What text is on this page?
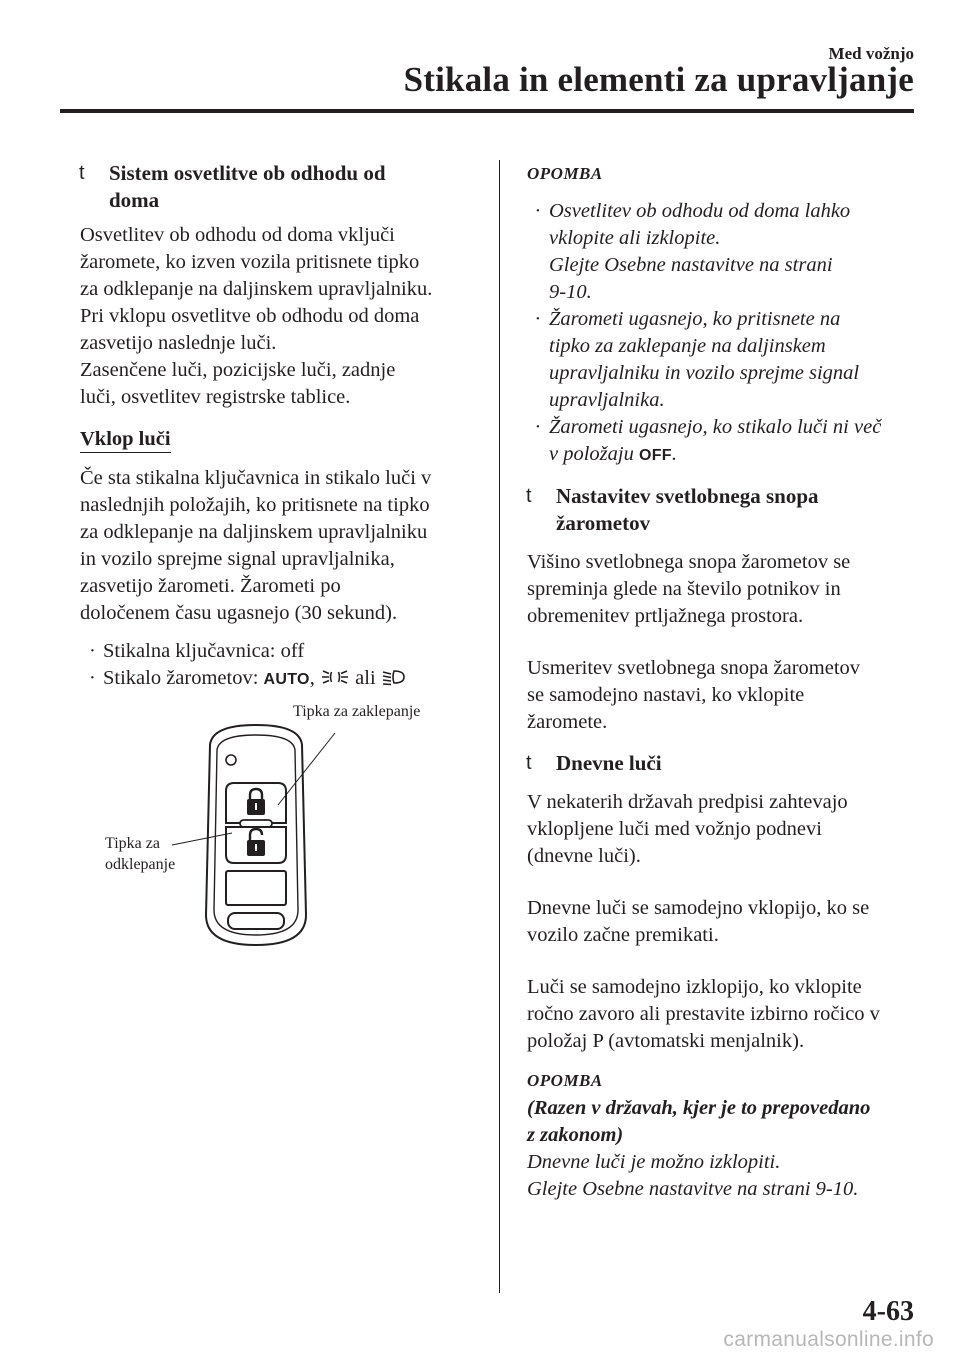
Med vožnjo
Stikala in elementi za upravljanje
t Sistem osvetlitve ob odhodu od
doma
Osvetlitev ob odhodu od doma vključi
žaromete, ko izven vozila pritisnete tipko
za odklepanje na daljinskem upravljalniku.
Pri vklopu osvetlitve ob odhodu od doma
zasvetijo naslednje luči.
Zasenčene luči, pozicijske luči, zadnje
luči, osvetlitev registrske tablice.
Vklop luči
Če sta stikalna ključavnica in stikalo luči v
naslednjih položajih, ko pritisnete na tipko
za odklepanje na daljinskem upravljalniku
in vozilo sprejme signal upravljalnika,
zasvetijo žarometi. Žarometi po
določenem času ugasnejo (30 sekund).
· Stikalna ključavnica: off
· Stikalo žarometov: AUTO,  ali
Tipka za zaklepanje
Tipka za
odklepanje
OPOMBA
· Osvetlitev ob odhodu od doma lahko
vklopite ali izklopite.
Glejte Osebne nastavitve na strani
9-10.
· Žarometi ugasnejo, ko pritisnete na
tipko za zaklepanje na daljinskem
upravljalniku in vozilo sprejme signal
upravljalnika.
· Žarometi ugasnejo, ko stikalo luči ni več
v položaju OFF.
t Nastavitev svetlobnega snopa
žarometov
Višino svetlobnega snopa žarometov se
spreminja glede na število potnikov in
obremenitev prtljažnega prostora.
Usmeritev svetlobnega snopa žarometov
se samodejno nastavi, ko vklopite
žaromete.
t Dnevne luči
V nekaterih državah predpisi zahtevajo
vklopljene luči med vožnjo podnevi
(dnevne luči).
Dnevne luči se samodejno vklopijo, ko se
vozilo začne premikati.
Luči se samodejno izklopijo, ko vklopite
ročno zavoro ali prestavite izbirno ročico v
položaj P (avtomatski menjalnik).
OPOMBA
(Razen v državah, kjer je to prepovedano
z zakonom)
Dnevne luči je možno izklopiti.
Glejte Osebne nastavitve na strani 9-10.
4-63
carmanualsonline.info
